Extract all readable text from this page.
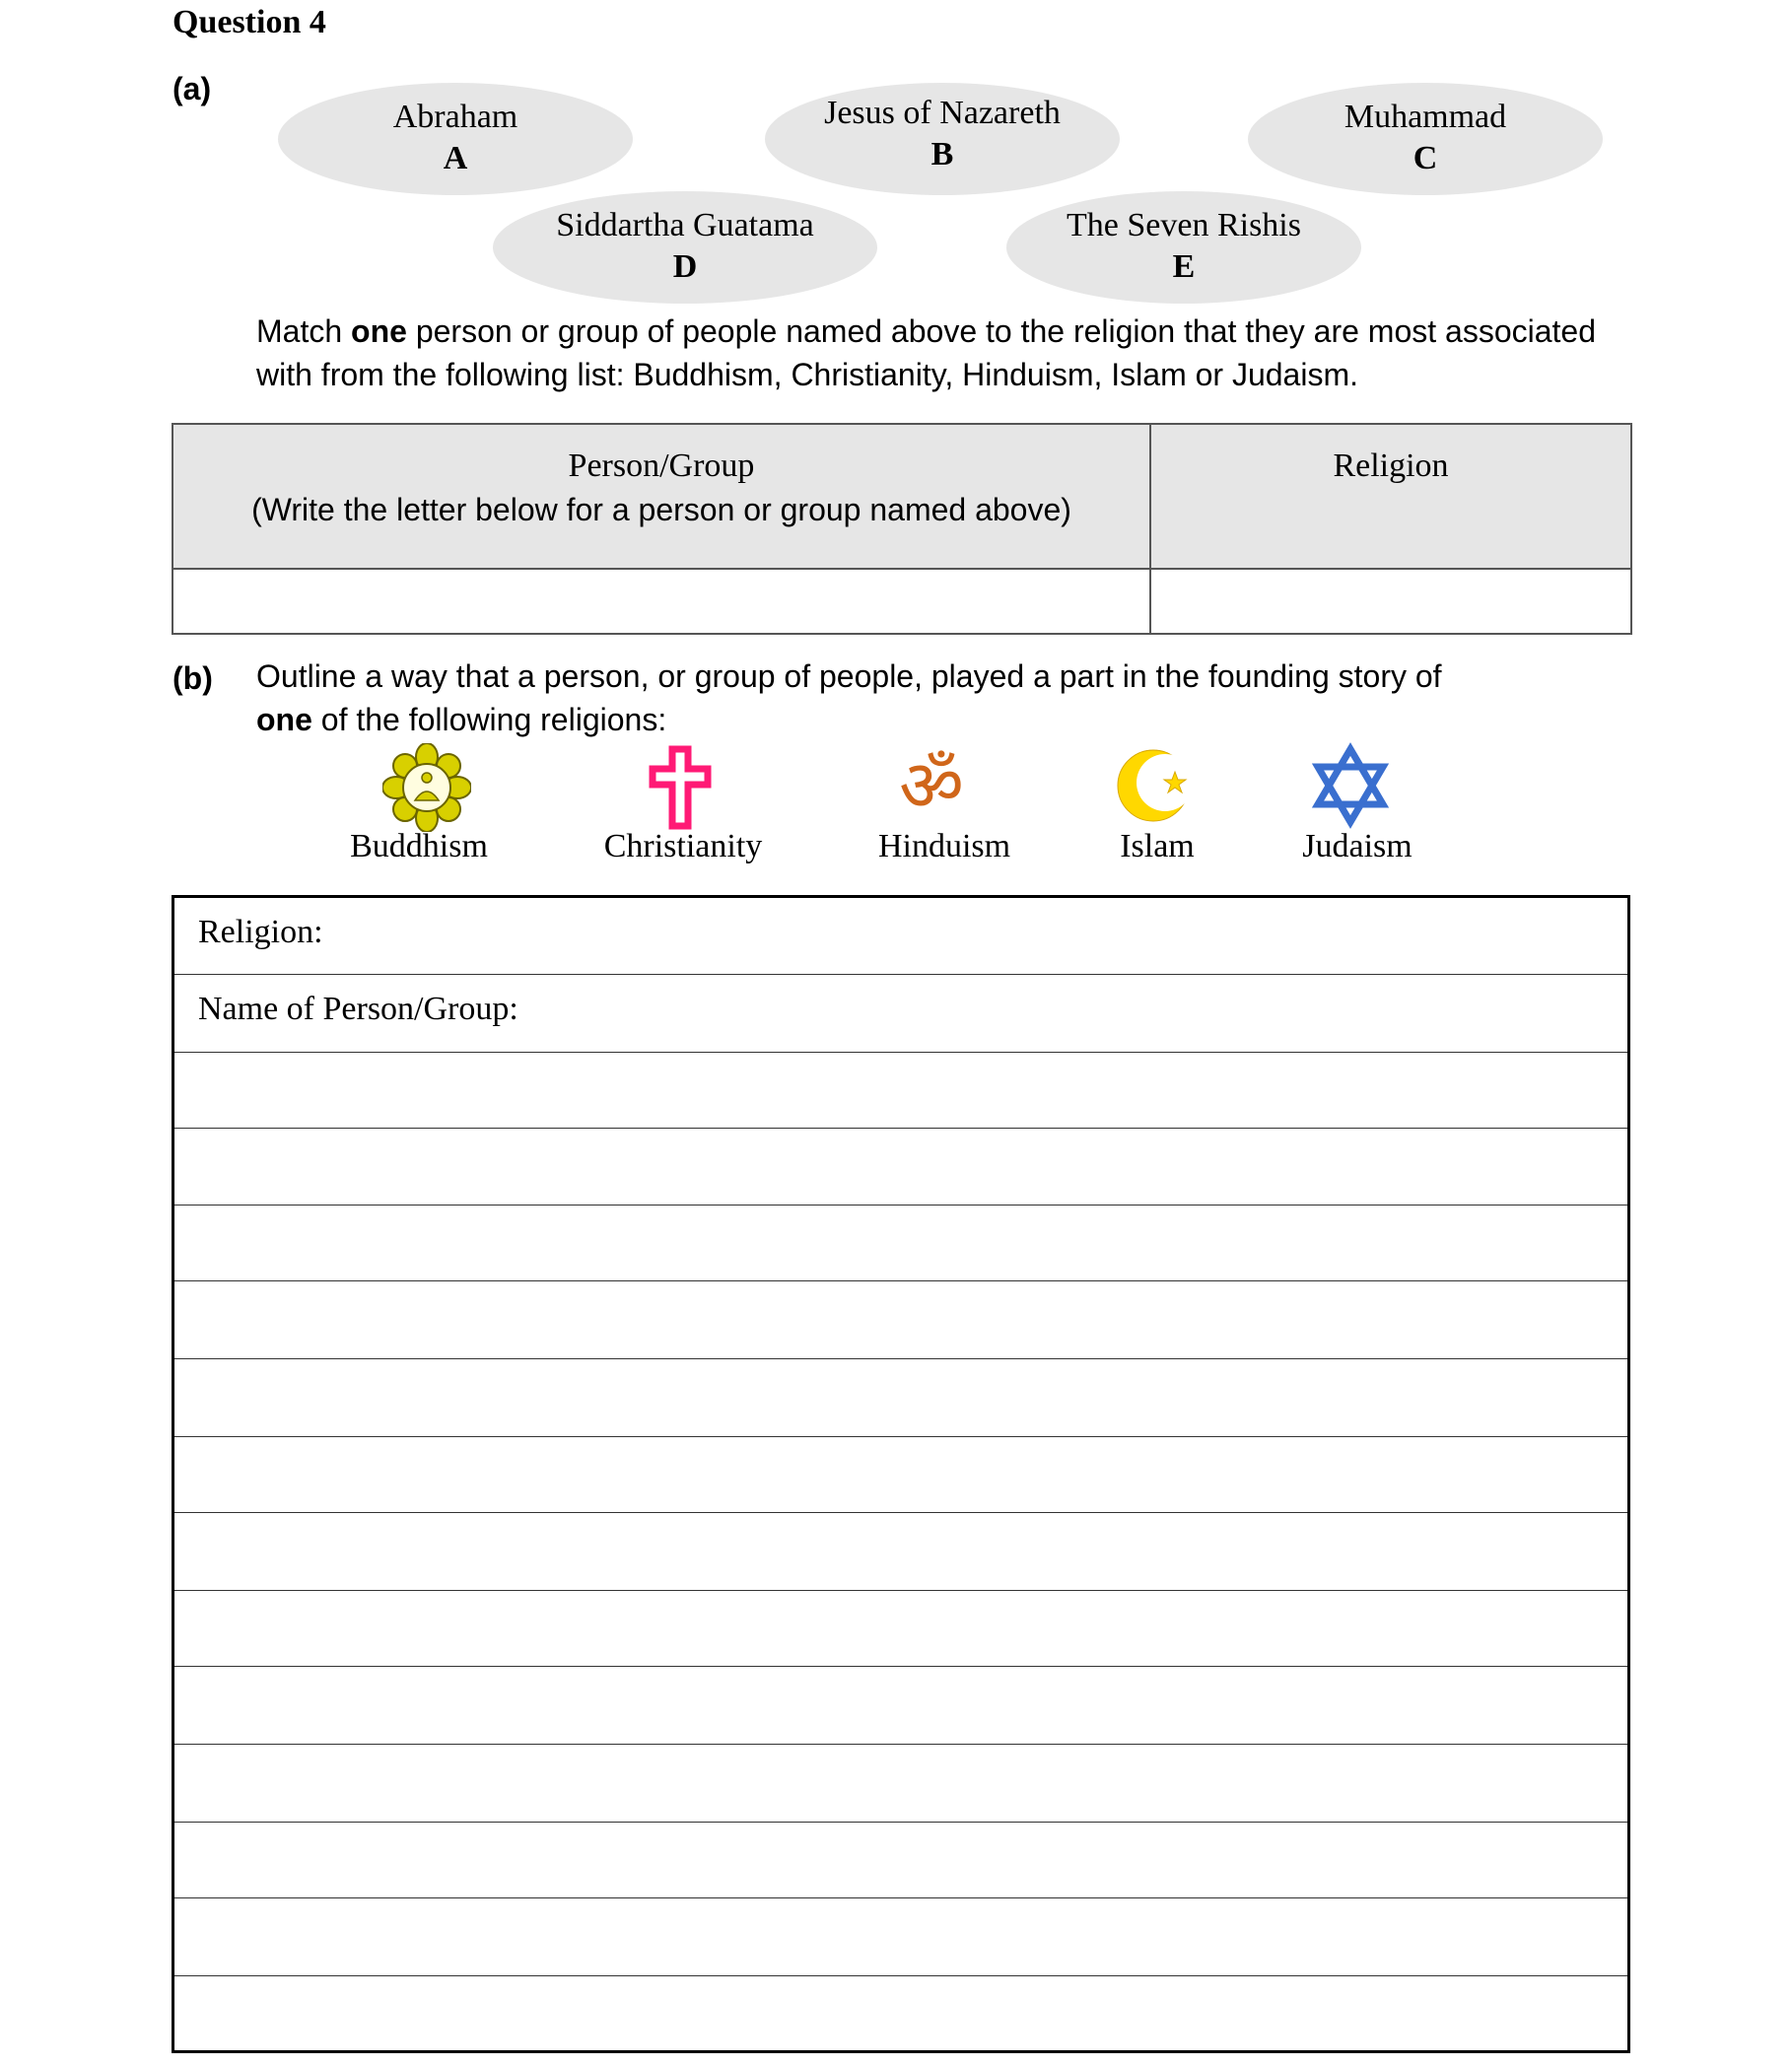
Question 4
(a)
Abraham
A
Jesus of Nazareth
B
Muhammad
C
Siddartha Guatama
D
The Seven Rishis
E
Match one person or group of people named above to the religion that they are most associated with from the following list: Buddhism, Christianity, Hinduism, Islam or Judaism.
Person/Group
(Write the letter below for a person or group named above)	Religion

(b) Outline a way that a person, or group of people, played a part in the founding story of
one of the following religions:
ॐ
Buddhism	Christianity	Hinduism	Islam	Judaism
Religion:
Name of Person/Group:
